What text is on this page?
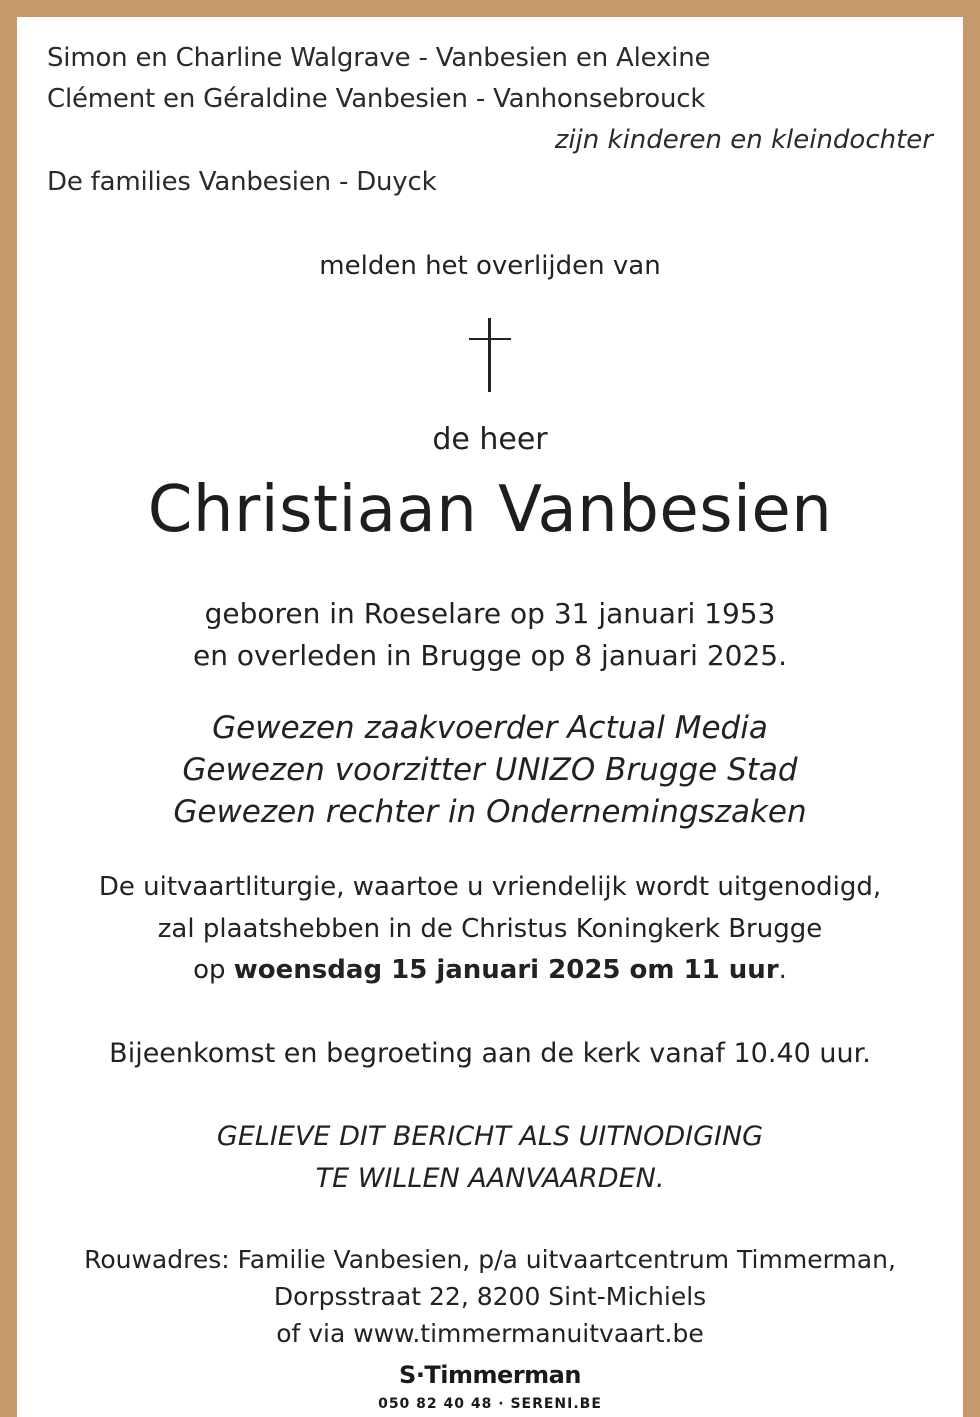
Simon en Charline Walgrave - Vanbesien en Alexine
Clément en Géraldine Vanbesien - Vanhonsebrouck
zijn kinderen en kleindochter
De families Vanbesien - Duyck
melden het overlijden van
de heer
Christiaan Vanbesien
geboren in Roeselare op 31 januari 1953
en overleden in Brugge op 8 januari 2025.
Gewezen zaakvoerder Actual Media
Gewezen voorzitter UNIZO Brugge Stad
Gewezen rechter in Ondernemingszaken
De uitvaartliturgie, waartoe u vriendelijk wordt uitgenodigd,
zal plaatshebben in de Christus Koningkerk Brugge
op woensdag 15 januari 2025 om 11 uur.
Bijeenkomst en begroeting aan de kerk vanaf 10.40 uur.
GELIEVE DIT BERICHT ALS UITNODIGING
TE WILLEN AANVAARDEN.
Rouwadres: Familie Vanbesien, p/a uitvaartcentrum Timmerman,
Dorpsstraat 22, 8200 Sint-Michiels
of via www.timmermanuitvaart.be
S·Timmerman
050 82 40 48 · SERENI.BE
